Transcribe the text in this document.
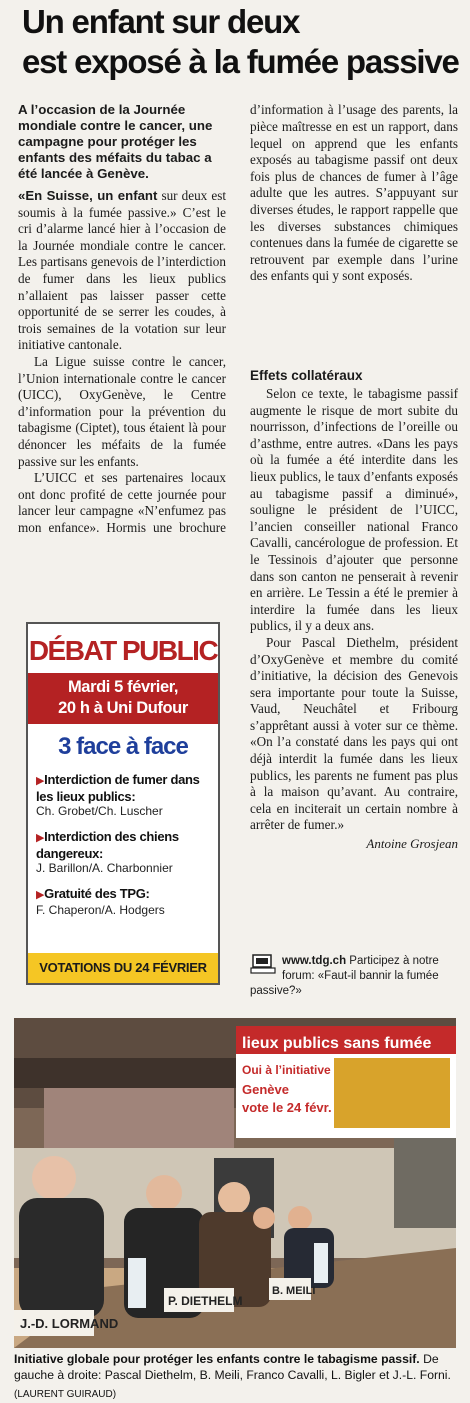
Un enfant sur deux
est exposé à la fumée passive

A l’occasion de la Journée mondiale contre le cancer, une campagne pour protéger les enfants des méfaits du tabac a été lancée à Genève.

«En Suisse, un enfant sur deux est soumis à la fumée passive.» C’est le cri d’alarme lancé hier à l’occasion de la Journée mondiale contre le cancer. Les partisans genevois de l’interdiction de fumer dans les lieux publics n’allaient pas laisser passer cette opportunité de se serrer les coudes, à trois semaines de la votation sur leur initiative cantonale.

La Ligue suisse contre le cancer, l’Union internationale contre le cancer (UICC), OxyGenève, le Centre d’information pour la prévention du tabagisme (Ciptet), tous étaient là pour dénoncer les méfaits de la fumée passive sur les enfants.

L’UICC et ses partenaires locaux ont donc profité de cette journée pour lancer leur campagne «N’enfumez pas mon enfance». Hormis une brochure

d’information à l’usage des parents, la pièce maîtresse en est un rapport, dans lequel on apprend que les enfants exposés au tabagisme passif ont deux fois plus de chances de fumer à l’âge adulte que les autres. S’appuyant sur diverses études, le rapport rappelle que les diverses substances chimiques contenues dans la fumée de cigarette se retrouvent par exemple dans l’urine des enfants qui y sont exposés.

DÉBAT PUBLIC
Mardi 5 février,
20 h à Uni Dufour
3 face à face
▶Interdiction de fumer dans les lieux publics:
Ch. Grobet/Ch. Luscher
▶Interdiction des chiens dangereux:
J. Barillon/A. Charbonnier
▶Gratuité des TPG:
F. Chaperon/A. Hodgers
VOTATIONS DU 24 FÉVRIER
Effets collatéraux

Selon ce texte, le tabagisme passif augmente le risque de mort subite du nourrisson, d’infections de l’oreille ou d’asthme, entre autres. «Dans les pays où la fumée a été interdite dans les lieux publics, le taux d’enfants exposés au tabagisme passif a diminué», souligne le président de l’UICC, l’ancien conseiller national Franco Cavalli, cancérologue de profession. Et le Tessinois d’ajouter que personne dans son canton ne penserait à revenir en arrière. Le Tessin a été le premier à interdire la fumée dans les lieux publics, il y a deux ans.

Pour Pascal Diethelm, président d’OxyGenève et membre du comité d’initiative, la décision des Genevois sera importante pour toute la Suisse, Vaud, Neuchâtel et Fribourg s’apprêtant aussi à voter sur ce thème. «On l’a constaté dans les pays qui ont déjà interdit la fumée dans les lieux publics, les parents ne fument pas plus à la maison qu’avant. Au contraire, cela en inciterait un certain nombre à arrêter de fumer.»

Antoine Grosjean
www.tdg.ch Participez à notre forum: «Faut-il bannir la fumée passive?»
lieux publics sans fumée
Oui à l’initiative
Genève
vote le 24 févr.
J.-D. LORMAND
P. DIETHELM
B. MEILI
Initiative globale pour protéger les enfants contre le tabagisme passif. De gauche à droite: Pascal Diethelm, B. Meili, Franco Cavalli, L. Bigler et J.-L. Forni. (LAURENT GUIRAUD)
